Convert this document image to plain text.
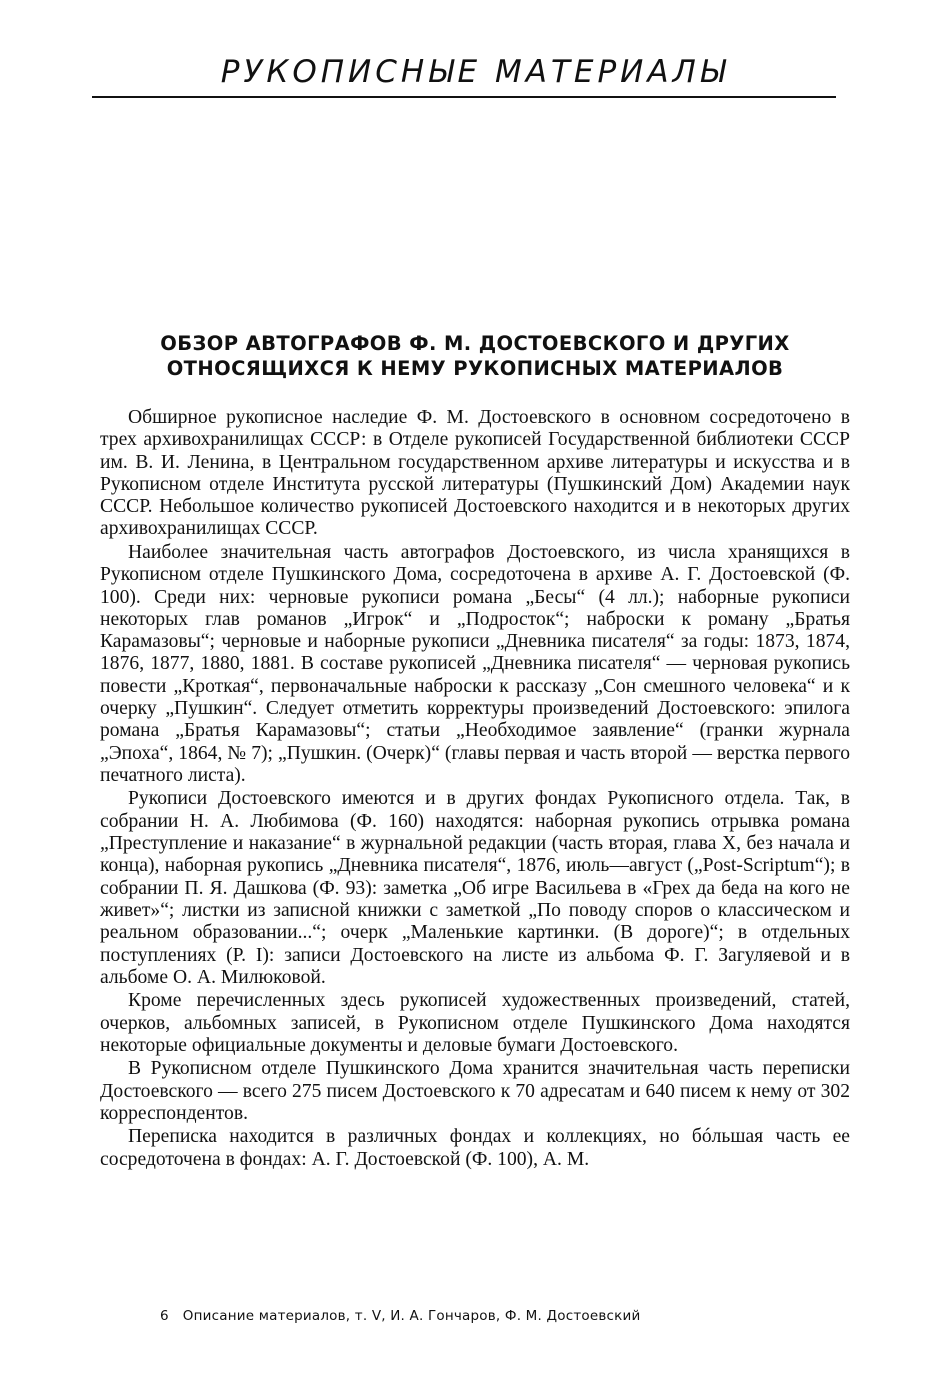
РУКОПИСНЫЕ МАТЕРИАЛЫ
ОБЗОР АВТОГРАФОВ Ф. М. ДОСТОЕВСКОГО И ДРУГИХ
ОТНОСЯЩИХСЯ К НЕМУ РУКОПИСНЫХ МАТЕРИАЛОВ

Обширное рукописное наследие Ф. М. Достоевского в основном сосредоточено в трех архивохранилищах СССР: в Отделе рукописей Государственной библиотеки СССР им. В. И. Ленина, в Центральном государственном архиве литературы и искусства и в Рукописном отделе Института русской литературы (Пушкинский Дом) Академии наук СССР. Небольшое количество рукописей Достоевского находится и в некоторых других архивохранилищах СССР.

Наиболее значительная часть автографов Достоевского, из числа хранящихся в Рукописном отделе Пушкинского Дома, сосредоточена в архиве А. Г. Достоевской (Ф. 100). Среди них: черновые рукописи романа „Бесы“ (4 лл.); наборные рукописи некоторых глав романов „Игрок“ и „Подросток“; наброски к роману „Братья Карамазовы“; черновые и наборные рукописи „Дневника писателя“ за годы: 1873, 1874, 1876, 1877, 1880, 1881. В составе рукописей „Дневника писателя“ — черновая рукопись повести „Кроткая“, первоначальные наброски к рассказу „Сон смешного человека“ и к очерку „Пушкин“. Следует отметить корректуры произведений Достоевского: эпилога романа „Братья Карамазовы“; статьи „Необходимое заявление“ (гранки журнала „Эпоха“, 1864, № 7); „Пушкин. (Очерк)“ (главы первая и часть второй — верстка первого печатного листа).

Рукописи Достоевского имеются и в других фондах Рукописного отдела. Так, в собрании Н. А. Любимова (Ф. 160) находятся: наборная рукопись отрывка романа „Преступление и наказание“ в журнальной редакции (часть вторая, глава X, без начала и конца), наборная рукопись „Дневника писателя“, 1876, июль—август („Post-Scriptum“); в собрании П. Я. Дашкова (Ф. 93): заметка „Об игре Васильева в «Грех да беда на кого не живет»“; листки из записной книжки с заметкой „По поводу споров о классическом и реальном образовании...“; очерк „Маленькие картинки. (В дороге)“; в отдельных поступлениях (Р. I): записи Достоевского на листе из альбома Ф. Г. Загуляевой и в альбоме О. А. Милюковой.

Кроме перечисленных здесь рукописей художественных произведений, статей, очерков, альбомных записей, в Рукописном отделе Пушкинского Дома находятся некоторые официальные документы и деловые бумаги Достоевского.

В Рукописном отделе Пушкинского Дома хранится значительная часть переписки Достоевского — всего 275 писем Достоевского к 70 адресатам и 640 писем к нему от 302 корреспондентов.

Переписка находится в различных фондах и коллекциях, но бóльшая часть ее сосредоточена в фондах: А. Г. Достоевской (Ф. 100), А. М.

6 Описание материалов, т. V, И. А. Гончаров, Ф. М. Достоевский
